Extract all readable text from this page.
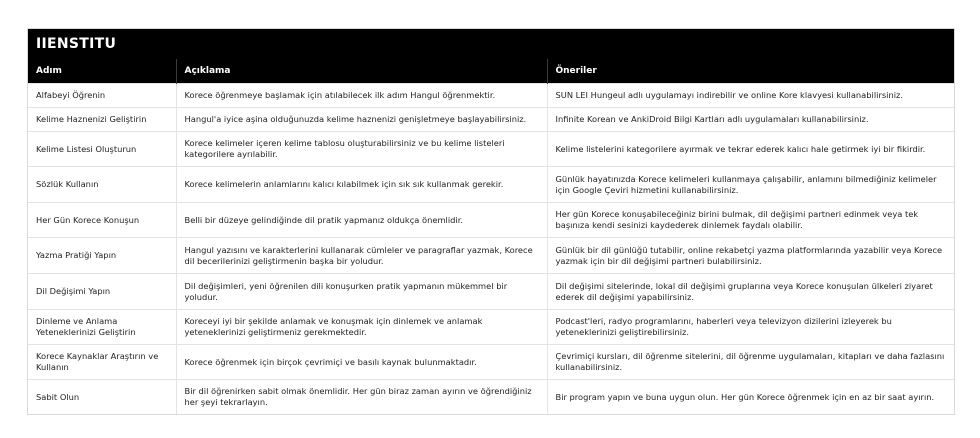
IIENSTITU
Adım	Açıklama	Öneriler
Alfabeyi Öğrenin	Korece öğrenmeye başlamak için atılabilecek ilk adım Hangul öğrenmektir.	SUN LEI Hungeul adlı uygulamayı indirebilir ve online Kore klavyesi kullanabilirsiniz.
Kelime Haznenizi Geliştirin	Hangul'a iyice aşina olduğunuzda kelime haznenizi genişletmeye başlayabilirsiniz.	Infinite Korean ve AnkiDroid Bilgi Kartları adlı uygulamaları kullanabilirsiniz.
Kelime Listesi Oluşturun	Korece kelimeler içeren kelime tablosu oluşturabilirsiniz ve bu kelime listeleri kategorilere ayrılabilir.	Kelime listelerini kategorilere ayırmak ve tekrar ederek kalıcı hale getirmek iyi bir fikirdir.
Sözlük Kullanın	Korece kelimelerin anlamlarını kalıcı kılabilmek için sık sık kullanmak gerekir.	Günlük hayatınızda Korece kelimeleri kullanmaya çalışabilir, anlamını bilmediğiniz kelimeler için Google Çeviri hizmetini kullanabilirsiniz.
Her Gün Korece Konuşun	Belli bir düzeye gelindiğinde dil pratik yapmanız oldukça önemlidir.	Her gün Korece konuşabileceğiniz birini bulmak, dil değişimi partneri edinmek veya tek başınıza kendi sesinizi kaydederek dinlemek faydalı olabilir.
Yazma Pratiği Yapın	Hangul yazısını ve karakterlerini kullanarak cümleler ve paragraflar yazmak, Korece dil becerilerinizi geliştirmenin başka bir yoludur.	Günlük bir dil günlüğü tutabilir, online rekabetçi yazma platformlarında yazabilir veya Korece yazmak için bir dil değişimi partneri bulabilirsiniz.
Dil Değişimi Yapın	Dil değişimleri, yeni öğrenilen dili konuşurken pratik yapmanın mükemmel bir yoludur.	Dil değişimi sitelerinde, lokal dil değişimi gruplarına veya Korece konuşulan ülkeleri ziyaret ederek dil değişimi yapabilirsiniz.
Dinleme ve Anlama Yeteneklerinizi Geliştirin	Koreceyi iyi bir şekilde anlamak ve konuşmak için dinlemek ve anlamak yeteneklerinizi geliştirmeniz gerekmektedir.	Podcast'leri, radyo programlarını, haberleri veya televizyon dizilerini izleyerek bu yeteneklerinizi geliştirebilirsiniz.
Korece Kaynaklar Araştırın ve Kullanın	Korece öğrenmek için birçok çevrimiçi ve basılı kaynak bulunmaktadır.	Çevrimiçi kursları, dil öğrenme sitelerini, dil öğrenme uygulamaları, kitapları ve daha fazlasını kullanabilirsiniz.
Sabit Olun	Bir dil öğrenirken sabit olmak önemlidir. Her gün biraz zaman ayırın ve öğrendiğiniz her şeyi tekrarlayın.	Bir program yapın ve buna uygun olun. Her gün Korece öğrenmek için en az bir saat ayırın.
